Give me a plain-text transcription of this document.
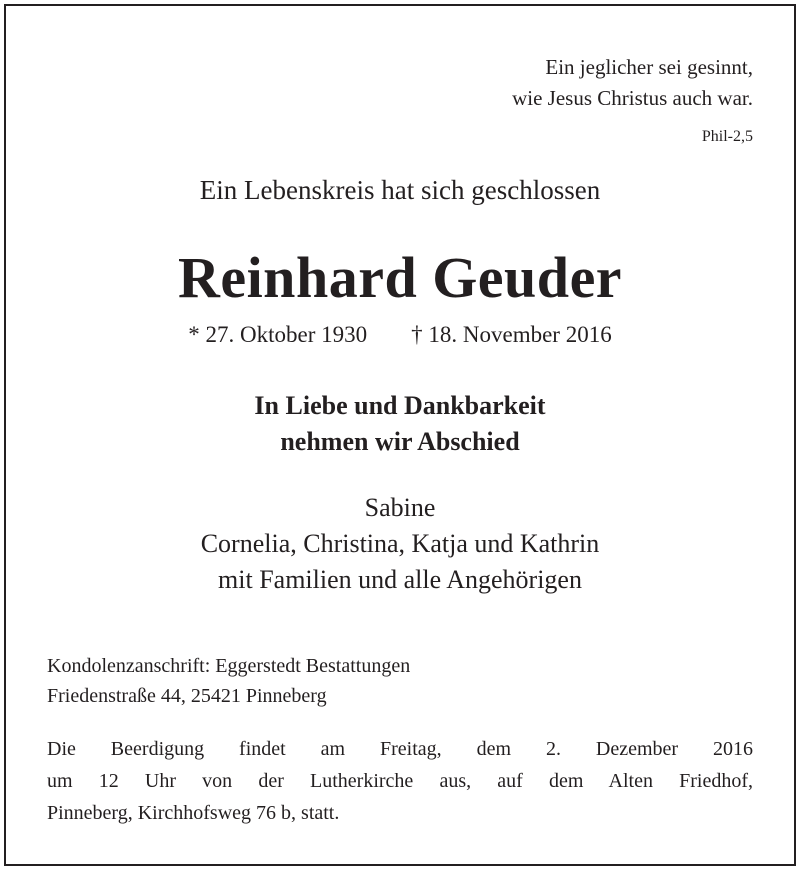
Ein jeglicher sei gesinnt,
wie Jesus Christus auch war.
Phil-2,5
Ein Lebenskreis hat sich geschlossen
Reinhard Geuder
* 27. Oktober 1930 † 18. November 2016
In Liebe und Dankbarkeit
nehmen wir Abschied
Sabine
Cornelia, Christina, Katja und Kathrin
mit Familien und alle Angehörigen
Kondolenzanschrift: Eggerstedt Bestattungen
Friedenstraße 44, 25421 Pinneberg
Die Beerdigung findet am Freitag, dem 2. Dezember 2016
um 12 Uhr von der Lutherkirche aus, auf dem Alten Friedhof,
Pinneberg, Kirchhofsweg 76 b, statt.
